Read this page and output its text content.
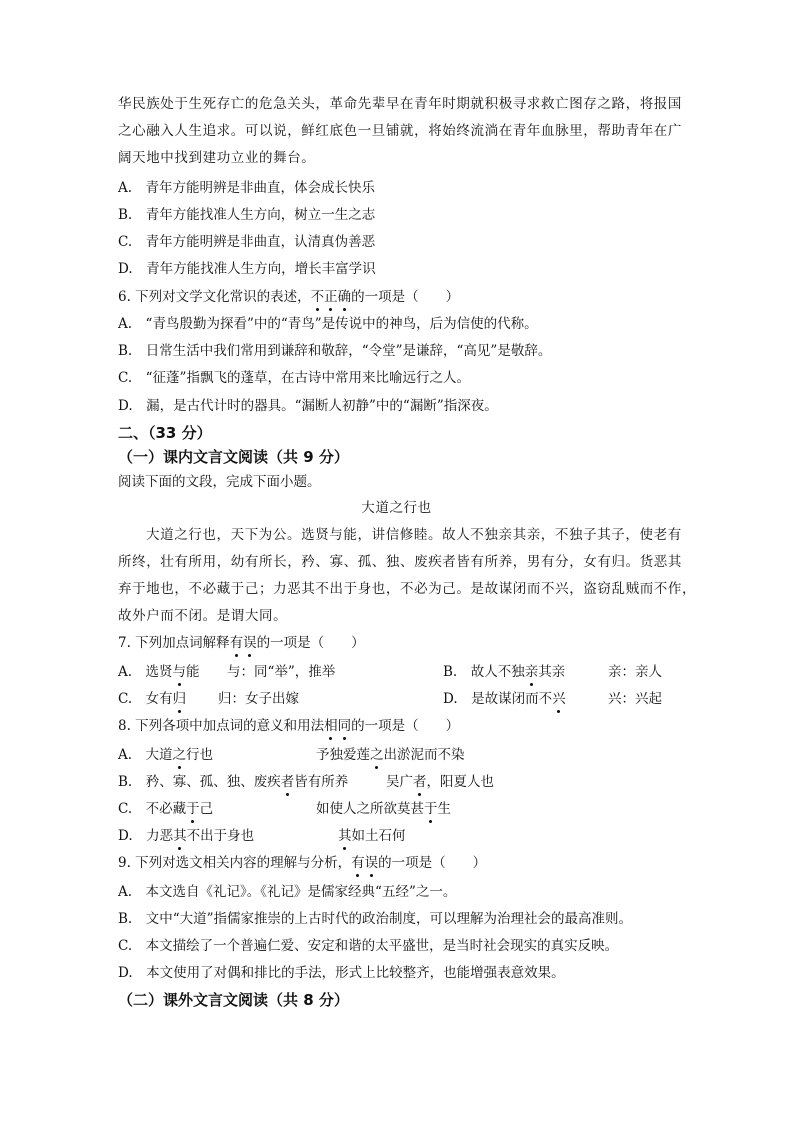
华民族处于生死存亡的危急关头，革命先辈早在青年时期就积极寻求救亡图存之路，将报国
之心融入人生追求。可以说，鲜红底色一旦铺就，将始终流淌在青年血脉里，帮助青年在广
阔天地中找到建功立业的舞台。
A.　青年方能明辨是非曲直，体会成长快乐
B.　青年方能找准人生方向，树立一生之志
C.　青年方能明辨是非曲直，认清真伪善恶
D.　青年方能找准人生方向，增长丰富学识
6. 下列对文学文化常识的表述，不正确的一项是（　　）
A.　“青鸟殷勤为探看”中的“青鸟”是传说中的神鸟，后为信使的代称。
B.　日常生活中我们常用到谦辞和敬辞，“令堂”是谦辞，“高见”是敬辞。
C.　“征蓬”指飘飞的蓬草，在古诗中常用来比喻远行之人。
D.　漏，是古代计时的器具。“漏断人初静”中的“漏断”指深夜。
二、（33 分）
（一）课内文言文阅读（共 9 分）
阅读下面的文段，完成下面小题。
大道之行也
大道之行也，天下为公。选贤与能，讲信修睦。故人不独亲其亲，不独子其子，使老有
所终，壮有所用，幼有所长，矜、寡、孤、独、废疾者皆有所养，男有分，女有归。货恶其
弃于地也，不必藏于己；力恶其不出于身也，不必为己。是故谋闭而不兴，盗窃乱贼而不作，
故外户而不闭。是谓大同。
7. 下列加点词解释有误的一项是（　　）
A.　选贤与能 与：同“举”，推举	B.　故人不独亲其亲	亲：亲人
C.　女有归 归：女子出嫁	D.　是故谋闭而不兴	兴：兴起
8. 下列各项中加点词的意义和用法相同的一项是（　　）
A.　大道之行也	予独爱莲之出淤泥而不染
B.　矜、寡、孤、独、废疾者皆有所养	吴广者，阳夏人也
C.　不必藏于己	如使人之所欲莫甚于生
D.　力恶其不出于身也	其如土石何
9. 下列对选文相关内容的理解与分析，有误的一项是（　　）
A.　本文选自《礼记》。《礼记》是儒家经典“五经”之一。
B.　文中“大道”指儒家推崇的上古时代的政治制度，可以理解为治理社会的最高准则。
C.　本文描绘了一个普遍仁爱、安定和谐的太平盛世，是当时社会现实的真实反映。
D.　本文使用了对偶和排比的手法，形式上比较整齐，也能增强表意效果。
（二）课外文言文阅读（共 8 分）
